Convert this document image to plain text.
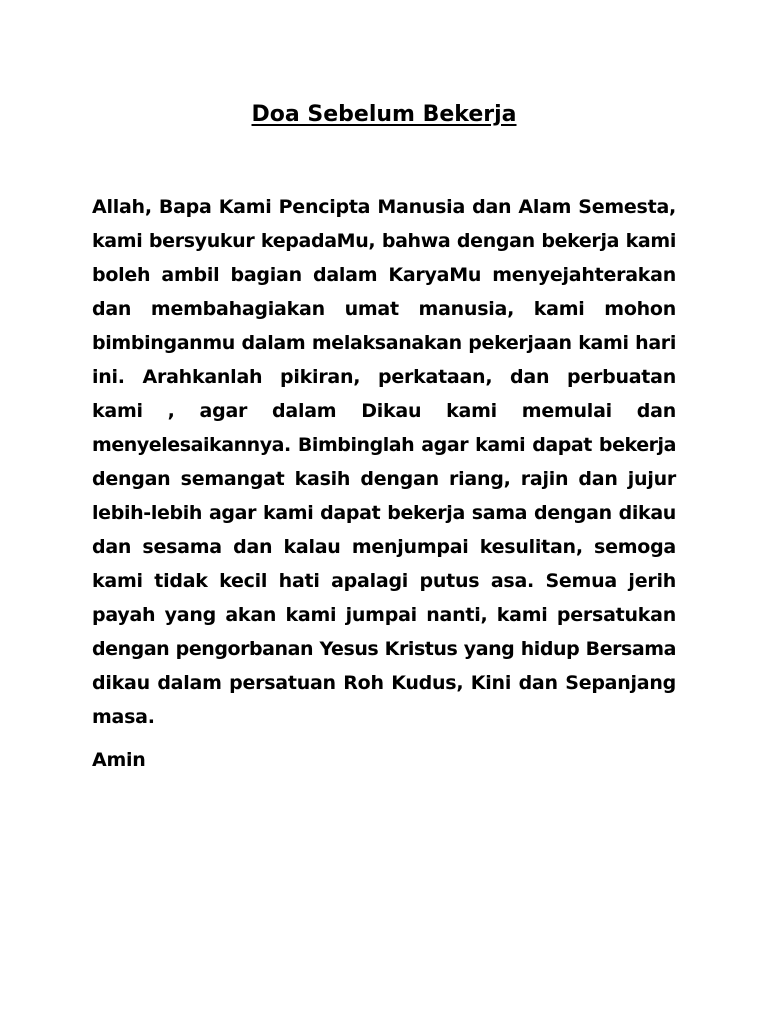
Doa Sebelum Bekerja
Allah, Bapa Kami Pencipta Manusia dan Alam Semesta,
kami bersyukur kepadaMu, bahwa dengan bekerja kami
boleh ambil bagian dalam KaryaMu menyejahterakan
dan membahagiakan umat manusia, kami mohon
bimbinganmu dalam melaksanakan pekerjaan kami hari
ini. Arahkanlah pikiran, perkataan, dan perbuatan
kami , agar dalam Dikau kami memulai dan
menyelesaikannya. Bimbinglah agar kami dapat bekerja
dengan semangat kasih dengan riang, rajin dan jujur
lebih-lebih agar kami dapat bekerja sama dengan dikau
dan sesama dan kalau menjumpai kesulitan, semoga
kami tidak kecil hati apalagi putus asa. Semua jerih
payah yang akan kami jumpai nanti, kami persatukan
dengan pengorbanan Yesus Kristus yang hidup Bersama
dikau dalam persatuan Roh Kudus, Kini dan Sepanjang
masa.

Amin
